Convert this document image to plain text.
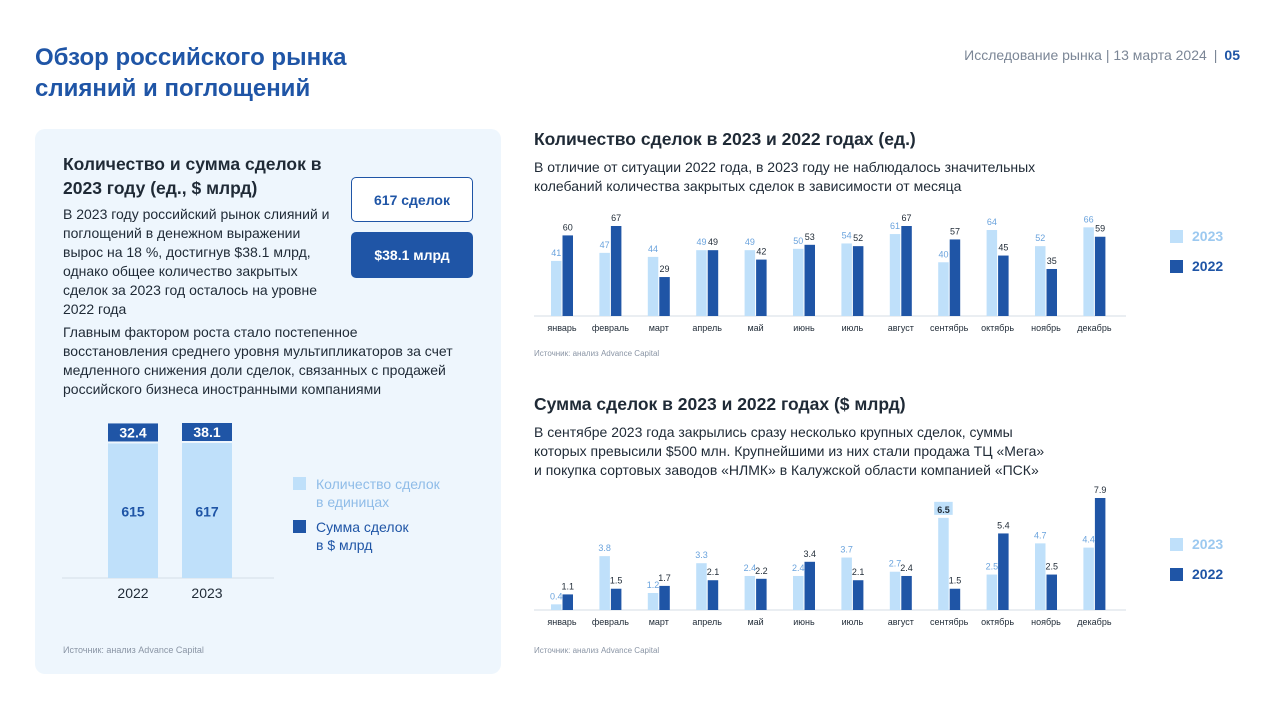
Обзор российского рынка
слияний и поглощений
Исследование рынка | 13 марта 2024 | 05
Количество и сумма сделок в 2023 году (ед., $ млрд)
В 2023 году российский рынок слияний и поглощений в денежном выражении вырос на 18 %, достигнув $38.1 млрд, однако общее количество закрытых сделок за 2023 год осталось на уровне 2022 года
617 сделок
$38.1 млрд
Главным фактором роста стало постепенное восстановления среднего уровня мультипликаторов за счет медленного снижения доли сделок, связанных с продажей российского бизнеса иностранными компаниями
Количество сделок
в единицах
Сумма сделок
в $ млрд
Источник: анализ Advance Capital
615
32.4
2022
617
38.1
2023
Количество сделок в 2023 и 2022 годах (ед.)
В отличие от ситуации 2022 года, в 2023 году не наблюдалось значительных
колебаний количества закрытых сделок в зависимости от месяца
41
60
январь
47
67
февраль
44
29
март
49 49
апрель
49
42
май
50 53
июнь
54 52
июль
61
67
август
40
57
сентябрь
64
45
октябрь
52
35
ноябрь
66
59
декабрь
Источник: анализ Advance Capital
2023
2022
Сумма сделок в 2023 и 2022 годах ($ млрд)
В сентябре 2023 года закрылись сразу несколько крупных сделок, суммы
которых превысили $500 млн. Крупнейшими из них стали продажа ТЦ «Мега»
и покупка сортовых заводов «НЛМК» в Калужской области компанией «ПСК»
0.4
1.1
январь
3.8
1.5
февраль
1.2
1.7
март
3.3
2.1
апрель
2.4
2.2
май
2.4
3.4
июнь
3.7
2.1
июль
2.7
2.4
август
6.5
1.5
сентябрь
2.5
5.4
октябрь
4.7
2.5
ноябрь
4.4
7.9
декабрь
Источник: анализ Advance Capital
2023
2022
